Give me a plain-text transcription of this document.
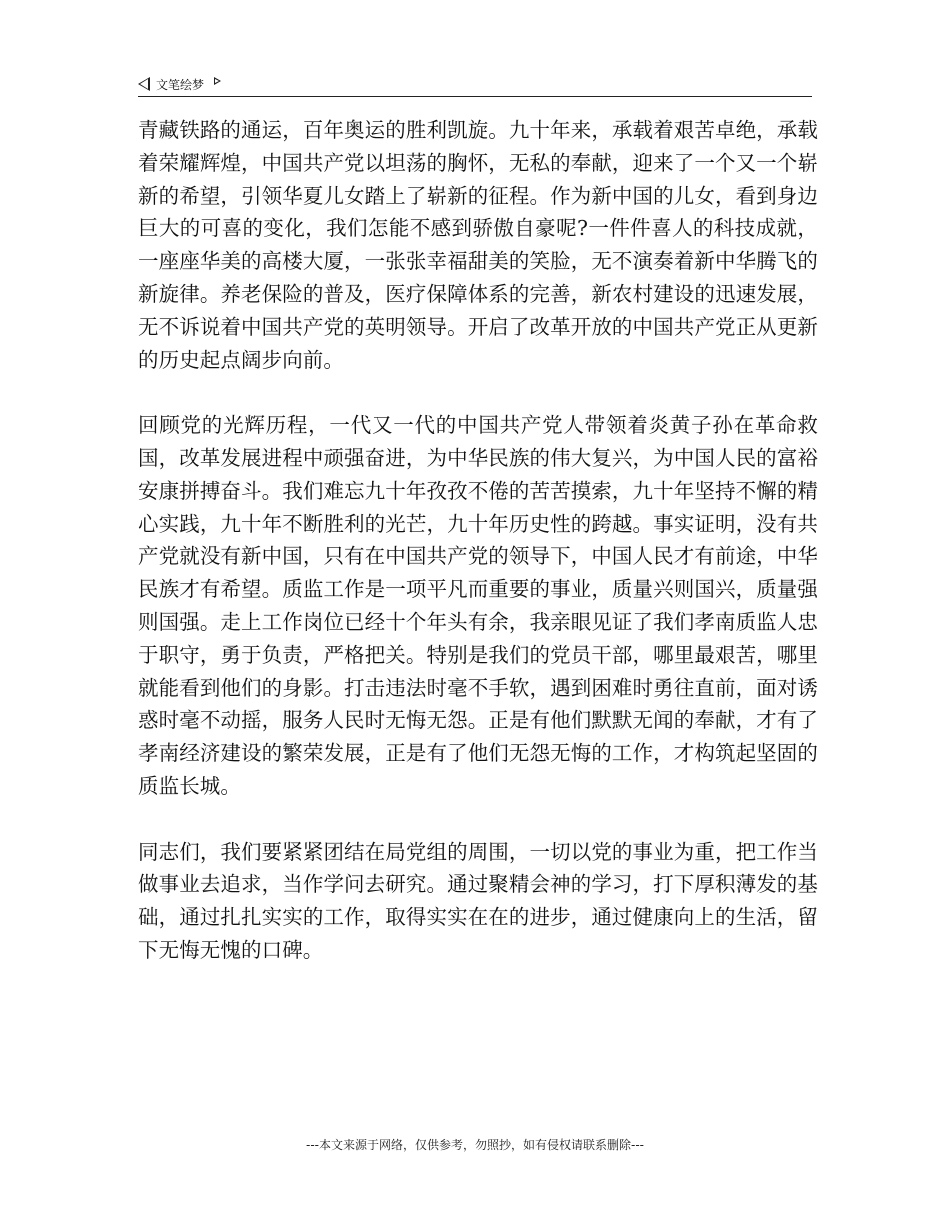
文笔绘梦

青藏铁路的通运，百年奥运的胜利凯旋。九十年来，承载着艰苦卓绝，承载着荣耀辉煌，中国共产党以坦荡的胸怀，无私的奉献，迎来了一个又一个崭新的希望，引领华夏儿女踏上了崭新的征程。作为新中国的儿女，看到身边巨大的可喜的变化，我们怎能不感到骄傲自豪呢?一件件喜人的科技成就，一座座华美的高楼大厦，一张张幸福甜美的笑脸，无不演奏着新中华腾飞的新旋律。养老保险的普及，医疗保障体系的完善，新农村建设的迅速发展，无不诉说着中国共产党的英明领导。开启了改革开放的中国共产党正从更新的历史起点阔步向前。

回顾党的光辉历程，一代又一代的中国共产党人带领着炎黄子孙在革命救国，改革发展进程中顽强奋进，为中华民族的伟大复兴，为中国人民的富裕安康拼搏奋斗。我们难忘九十年孜孜不倦的苦苦摸索，九十年坚持不懈的精心实践，九十年不断胜利的光芒，九十年历史性的跨越。事实证明，没有共产党就没有新中国，只有在中国共产党的领导下，中国人民才有前途，中华民族才有希望。质监工作是一项平凡而重要的事业，质量兴则国兴，质量强则国强。走上工作岗位已经十个年头有余，我亲眼见证了我们孝南质监人忠于职守，勇于负责，严格把关。特别是我们的党员干部，哪里最艰苦，哪里就能看到他们的身影。打击违法时毫不手软，遇到困难时勇往直前，面对诱惑时毫不动摇，服务人民时无悔无怨。正是有他们默默无闻的奉献，才有了孝南经济建设的繁荣发展，正是有了他们无怨无悔的工作，才构筑起坚固的质监长城。

同志们，我们要紧紧团结在局党组的周围，一切以党的事业为重，把工作当做事业去追求，当作学问去研究。通过聚精会神的学习，打下厚积薄发的基础，通过扎扎实实的工作，取得实实在在的进步，通过健康向上的生活，留下无悔无愧的口碑。

---本文来源于网络，仅供参考，勿照抄，如有侵权请联系删除---
